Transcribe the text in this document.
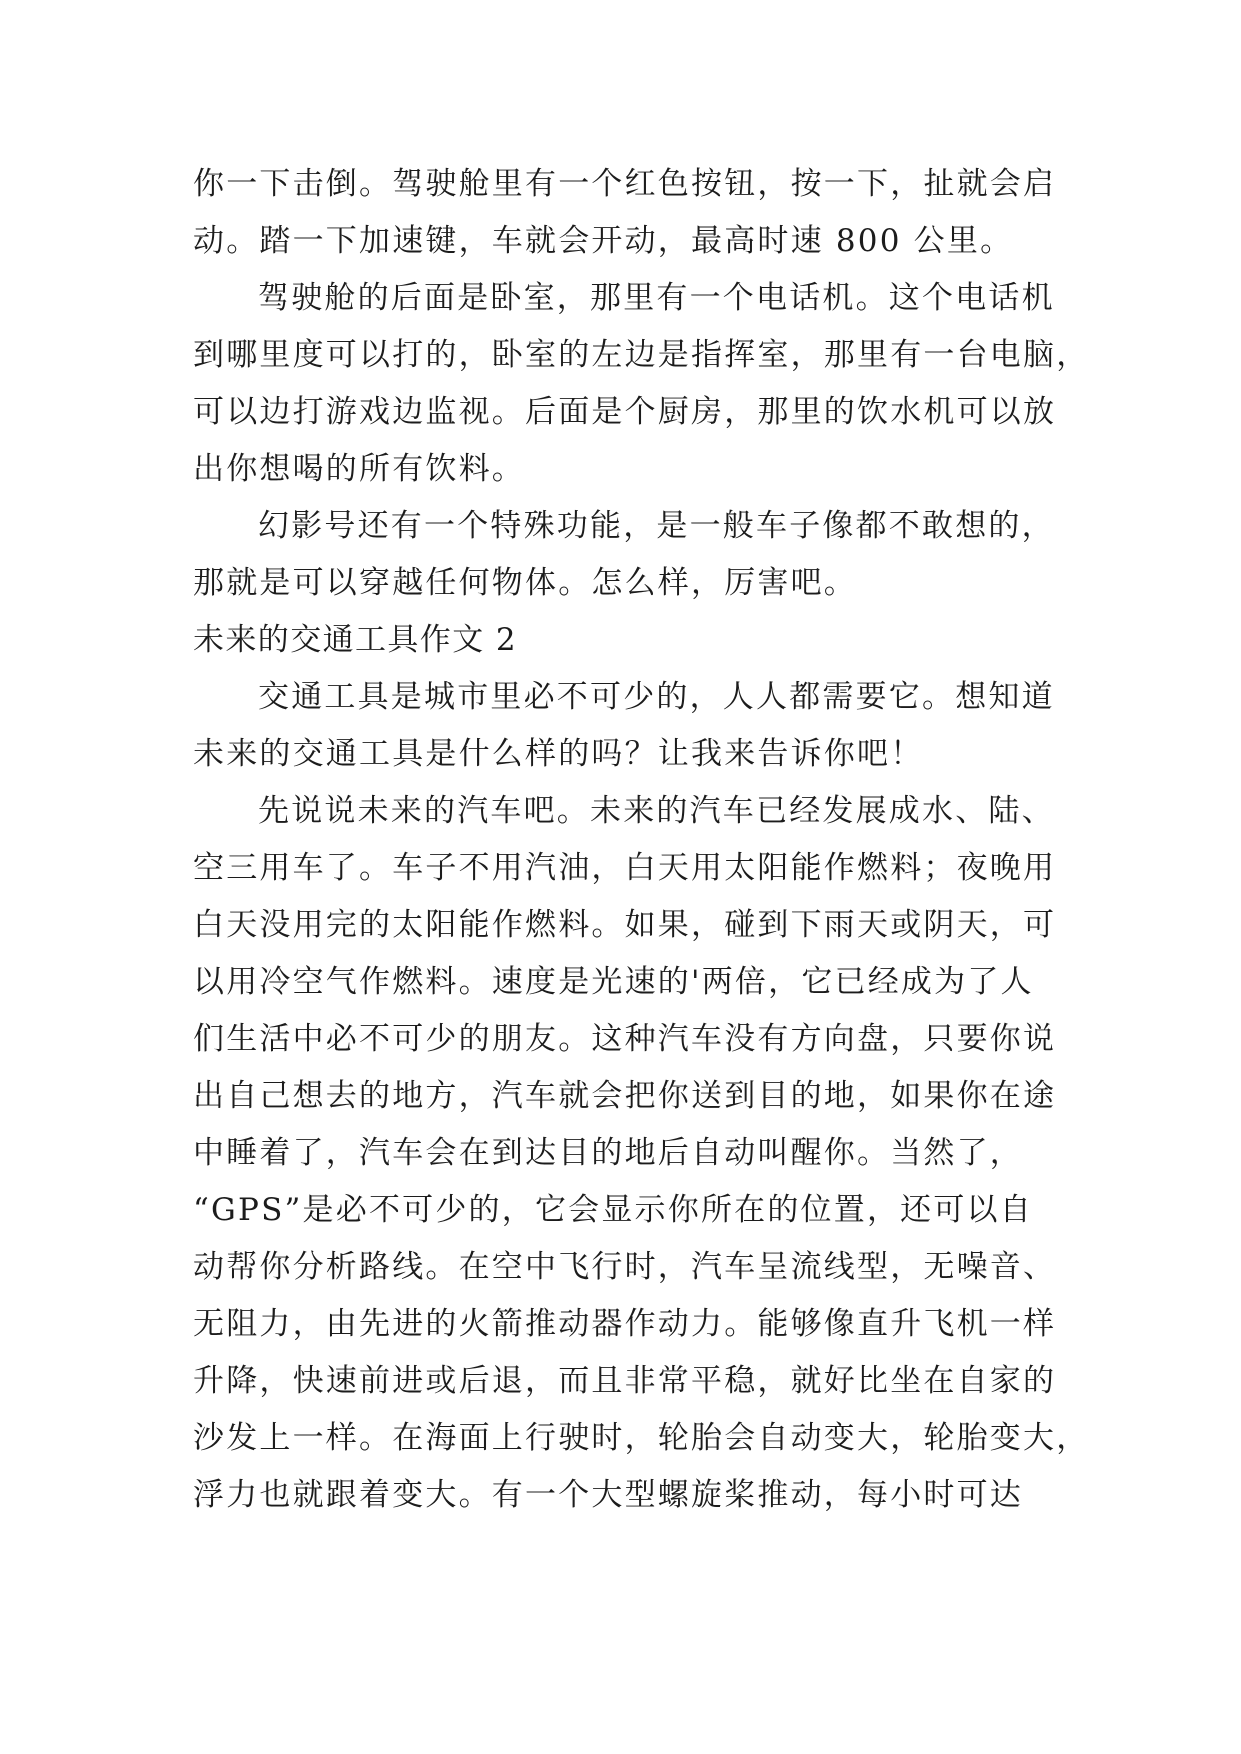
你一下击倒。驾驶舱里有一个红色按钮，按一下，扯就会启
动。踏一下加速键，车就会开动，最高时速 800 公里。
驾驶舱的后面是卧室，那里有一个电话机。这个电话机
到哪里度可以打的，卧室的左边是指挥室，那里有一台电脑，
可以边打游戏边监视。后面是个厨房，那里的饮水机可以放
出你想喝的所有饮料。
幻影号还有一个特殊功能，是一般车子像都不敢想的，
那就是可以穿越任何物体。怎么样，厉害吧。
未来的交通工具作文 2
交通工具是城市里必不可少的，人人都需要它。想知道
未来的交通工具是什么样的吗？让我来告诉你吧！
先说说未来的汽车吧。未来的汽车已经发展成水、陆、
空三用车了。车子不用汽油，白天用太阳能作燃料；夜晚用
白天没用完的太阳能作燃料。如果，碰到下雨天或阴天，可
以用冷空气作燃料。速度是光速的'两倍，它已经成为了人
们生活中必不可少的朋友。这种汽车没有方向盘，只要你说
出自己想去的地方，汽车就会把你送到目的地，如果你在途
中睡着了，汽车会在到达目的地后自动叫醒你。当然了，
“GPS”是必不可少的，它会显示你所在的位置，还可以自
动帮你分析路线。在空中飞行时，汽车呈流线型，无噪音、
无阻力，由先进的火箭推动器作动力。能够像直升飞机一样
升降，快速前进或后退，而且非常平稳，就好比坐在自家的
沙发上一样。在海面上行驶时，轮胎会自动变大，轮胎变大，
浮力也就跟着变大。有一个大型螺旋桨推动，每小时可达
